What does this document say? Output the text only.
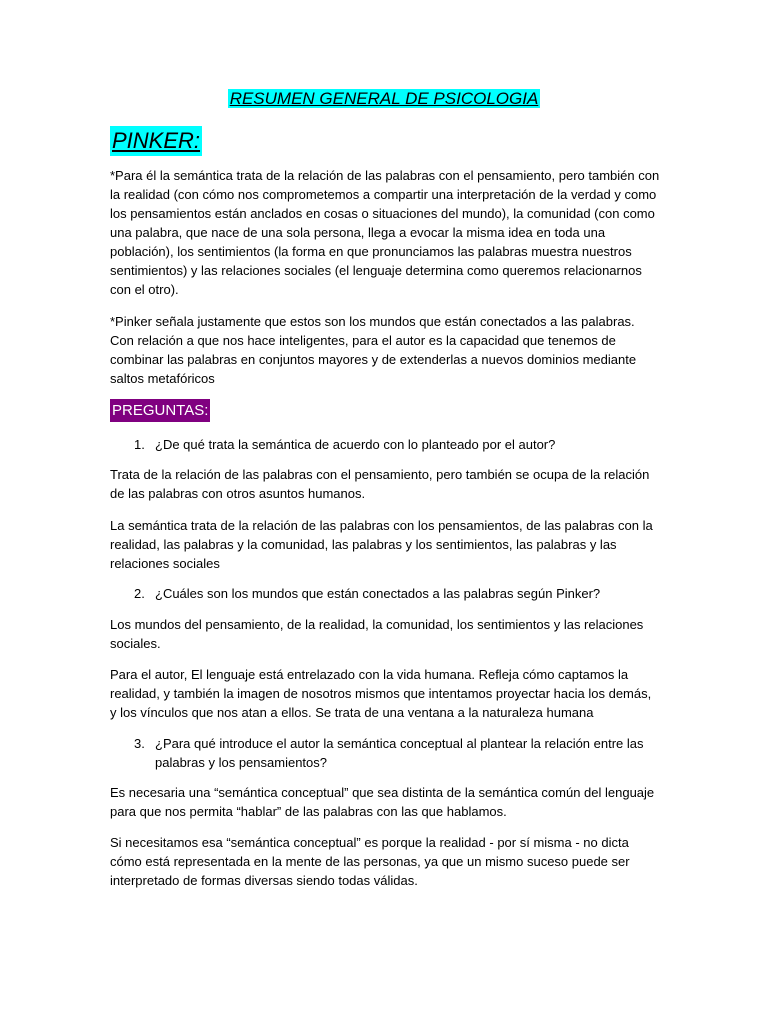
RESUMEN GENERAL DE PSICOLOGIA
PINKER:

*Para él la semántica trata de la relación de las palabras con el pensamiento, pero también con la realidad (con cómo nos comprometemos a compartir una interpretación de la verdad y como los pensamientos están anclados en cosas o situaciones del mundo), la comunidad (con como una palabra, que nace de una sola persona, llega a evocar la misma idea en toda una población), los sentimientos (la forma en que pronunciamos las palabras muestra nuestros sentimientos) y las relaciones sociales (el lenguaje determina como queremos relacionarnos con el otro).

*Pinker señala justamente que estos son los mundos que están conectados a las palabras. Con relación a que nos hace inteligentes, para el autor es la capacidad que tenemos de combinar las palabras en conjuntos mayores y de extenderlas a nuevos dominios mediante saltos metafóricos

PREGUNTAS:

1. ¿De qué trata la semántica de acuerdo con lo planteado por el autor?

Trata de la relación de las palabras con el pensamiento, pero también se ocupa de la relación de las palabras con otros asuntos humanos.

La semántica trata de la relación de las palabras con los pensamientos, de las palabras con la realidad, las palabras y la comunidad, las palabras y los sentimientos, las palabras y las relaciones sociales

2. ¿Cuáles son los mundos que están conectados a las palabras según Pinker?

Los mundos del pensamiento, de la realidad, la comunidad, los sentimientos y las relaciones sociales.

Para el autor, El lenguaje está entrelazado con la vida humana. Refleja cómo captamos la realidad, y también la imagen de nosotros mismos que intentamos proyectar hacia los demás, y los vínculos que nos atan a ellos. Se trata de una ventana a la naturaleza humana

3. ¿Para qué introduce el autor la semántica conceptual al plantear la relación entre las palabras y los pensamientos?

Es necesaria una “semántica conceptual” que sea distinta de la semántica común del lenguaje para que nos permita “hablar” de las palabras con las que hablamos.

Si necesitamos esa “semántica conceptual” es porque la realidad - por sí misma - no dicta cómo está representada en la mente de las personas, ya que un mismo suceso puede ser interpretado de formas diversas siendo todas válidas.
